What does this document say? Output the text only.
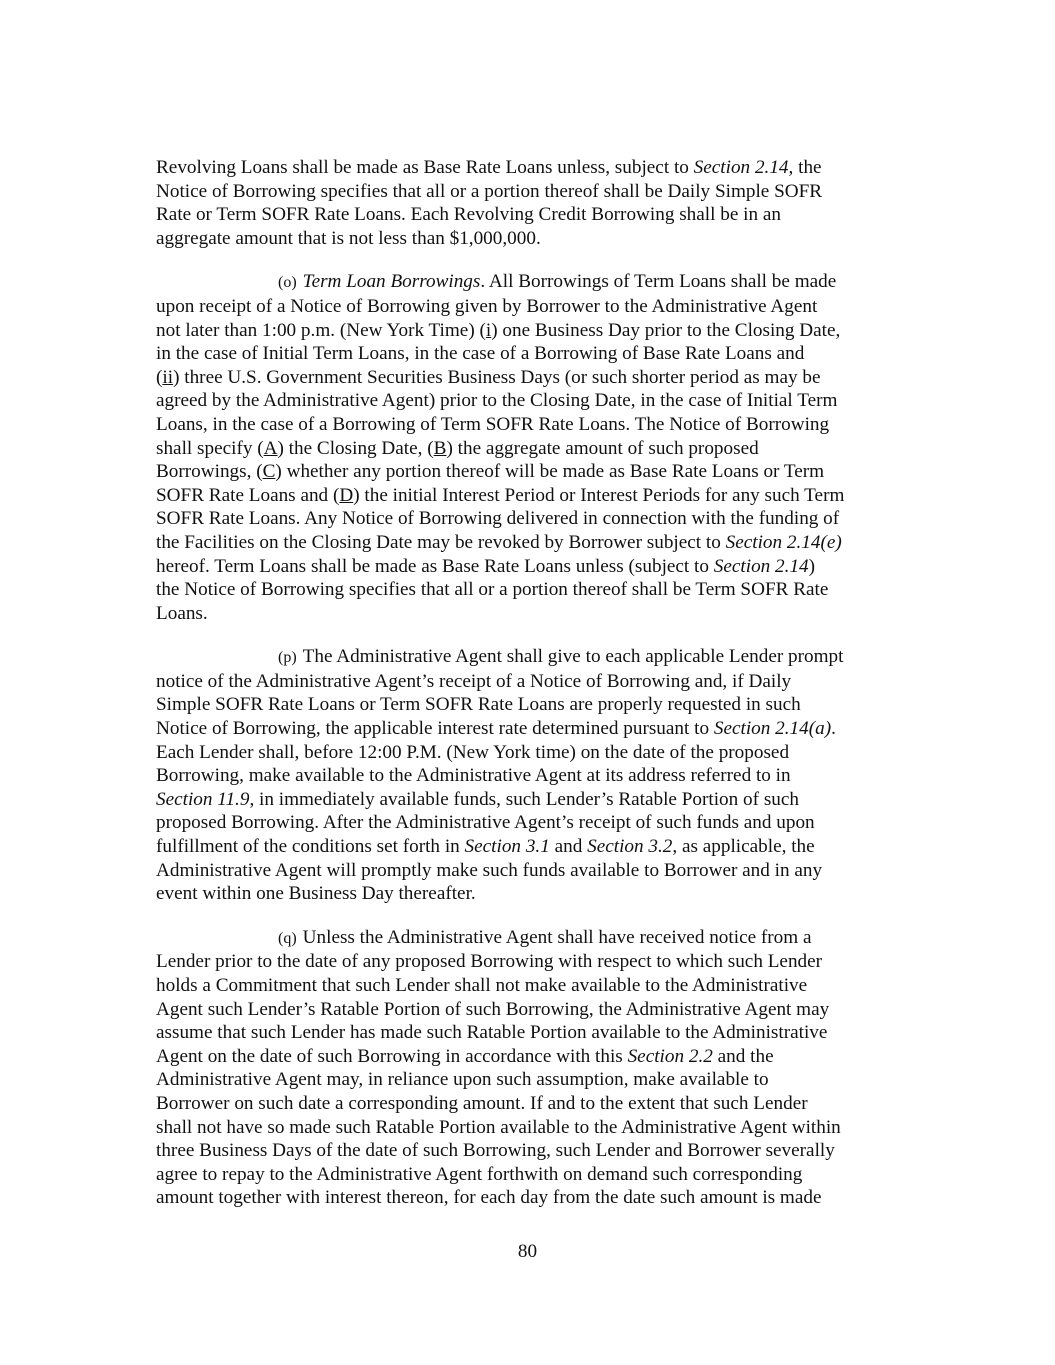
Revolving Loans shall be made as Base Rate Loans unless, subject to Section 2.14, the
Notice of Borrowing specifies that all or a portion thereof shall be Daily Simple SOFR
Rate or Term SOFR Rate Loans. Each Revolving Credit Borrowing shall be in an
aggregate amount that is not less than $1,000,000.

(o) Term Loan Borrowings. All Borrowings of Term Loans shall be made
upon receipt of a Notice of Borrowing given by Borrower to the Administrative Agent
not later than 1:00 p.m. (New York Time) (i) one Business Day prior to the Closing Date,
in the case of Initial Term Loans, in the case of a Borrowing of Base Rate Loans and
(ii) three U.S. Government Securities Business Days (or such shorter period as may be
agreed by the Administrative Agent) prior to the Closing Date, in the case of Initial Term
Loans, in the case of a Borrowing of Term SOFR Rate Loans. The Notice of Borrowing
shall specify (A) the Closing Date, (B) the aggregate amount of such proposed
Borrowings, (C) whether any portion thereof will be made as Base Rate Loans or Term
SOFR Rate Loans and (D) the initial Interest Period or Interest Periods for any such Term
SOFR Rate Loans. Any Notice of Borrowing delivered in connection with the funding of
the Facilities on the Closing Date may be revoked by Borrower subject to Section 2.14(e)
hereof. Term Loans shall be made as Base Rate Loans unless (subject to Section 2.14)
the Notice of Borrowing specifies that all or a portion thereof shall be Term SOFR Rate
Loans.

(p) The Administrative Agent shall give to each applicable Lender prompt
notice of the Administrative Agent’s receipt of a Notice of Borrowing and, if Daily
Simple SOFR Rate Loans or Term SOFR Rate Loans are properly requested in such
Notice of Borrowing, the applicable interest rate determined pursuant to Section 2.14(a).
Each Lender shall, before 12:00 P.M. (New York time) on the date of the proposed
Borrowing, make available to the Administrative Agent at its address referred to in
Section 11.9, in immediately available funds, such Lender’s Ratable Portion of such
proposed Borrowing. After the Administrative Agent’s receipt of such funds and upon
fulfillment of the conditions set forth in Section 3.1 and Section 3.2, as applicable, the
Administrative Agent will promptly make such funds available to Borrower and in any
event within one Business Day thereafter.

(q) Unless the Administrative Agent shall have received notice from a
Lender prior to the date of any proposed Borrowing with respect to which such Lender
holds a Commitment that such Lender shall not make available to the Administrative
Agent such Lender’s Ratable Portion of such Borrowing, the Administrative Agent may
assume that such Lender has made such Ratable Portion available to the Administrative
Agent on the date of such Borrowing in accordance with this Section 2.2 and the
Administrative Agent may, in reliance upon such assumption, make available to
Borrower on such date a corresponding amount. If and to the extent that such Lender
shall not have so made such Ratable Portion available to the Administrative Agent within
three Business Days of the date of such Borrowing, such Lender and Borrower severally
agree to repay to the Administrative Agent forthwith on demand such corresponding
amount together with interest thereon, for each day from the date such amount is made

80
